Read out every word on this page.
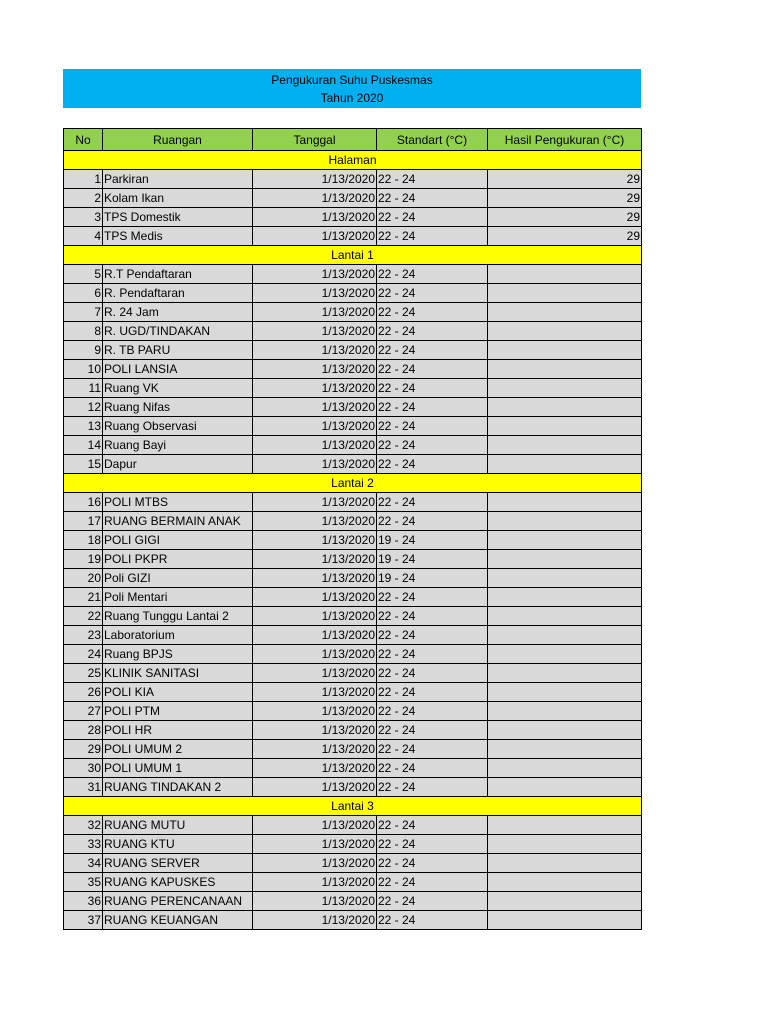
Pengukuran Suhu Puskesmas
Tahun 2020
No	Ruangan	Tanggal	Standart (°C)	Hasil Pengukuran (°C)
Halaman				
1	Parkiran	1/13/2020	22 - 24	29
2	Kolam Ikan	1/13/2020	22 - 24	29
3	TPS Domestik	1/13/2020	22 - 24	29
4	TPS Medis	1/13/2020	22 - 24	29
Lantai 1				
5	R.T Pendaftaran	1/13/2020	22 - 24	
6	R. Pendaftaran	1/13/2020	22 - 24	
7	R. 24 Jam	1/13/2020	22 - 24	
8	R. UGD/TINDAKAN	1/13/2020	22 - 24	
9	R. TB PARU	1/13/2020	22 - 24	
10	POLI LANSIA	1/13/2020	22 - 24	
11	Ruang VK	1/13/2020	22 - 24	
12	Ruang Nifas	1/13/2020	22 - 24	
13	Ruang Observasi	1/13/2020	22 - 24	
14	Ruang Bayi	1/13/2020	22 - 24	
15	Dapur	1/13/2020	22 - 24	
Lantai 2				
16	POLI MTBS	1/13/2020	22 - 24	
17	RUANG BERMAIN ANAK	1/13/2020	22 - 24	
18	POLI GIGI	1/13/2020	19 - 24	
19	POLI PKPR	1/13/2020	19 - 24	
20	Poli GIZI	1/13/2020	19 - 24	
21	Poli Mentari	1/13/2020	22 - 24	
22	Ruang Tunggu Lantai 2	1/13/2020	22 - 24	
23	Laboratorium	1/13/2020	22 - 24	
24	Ruang BPJS	1/13/2020	22 - 24	
25	KLINIK SANITASI	1/13/2020	22 - 24	
26	POLI KIA	1/13/2020	22 - 24	
27	POLI PTM	1/13/2020	22 - 24	
28	POLI HR	1/13/2020	22 - 24	
29	POLI UMUM 2	1/13/2020	22 - 24	
30	POLI UMUM 1	1/13/2020	22 - 24	
31	RUANG TINDAKAN 2	1/13/2020	22 - 24	
Lantai 3				
32	RUANG MUTU	1/13/2020	22 - 24	
33	RUANG KTU	1/13/2020	22 - 24	
34	RUANG SERVER	1/13/2020	22 - 24	
35	RUANG KAPUSKES	1/13/2020	22 - 24	
36	RUANG PERENCANAAN	1/13/2020	22 - 24	
37	RUANG KEUANGAN	1/13/2020	22 - 24	
